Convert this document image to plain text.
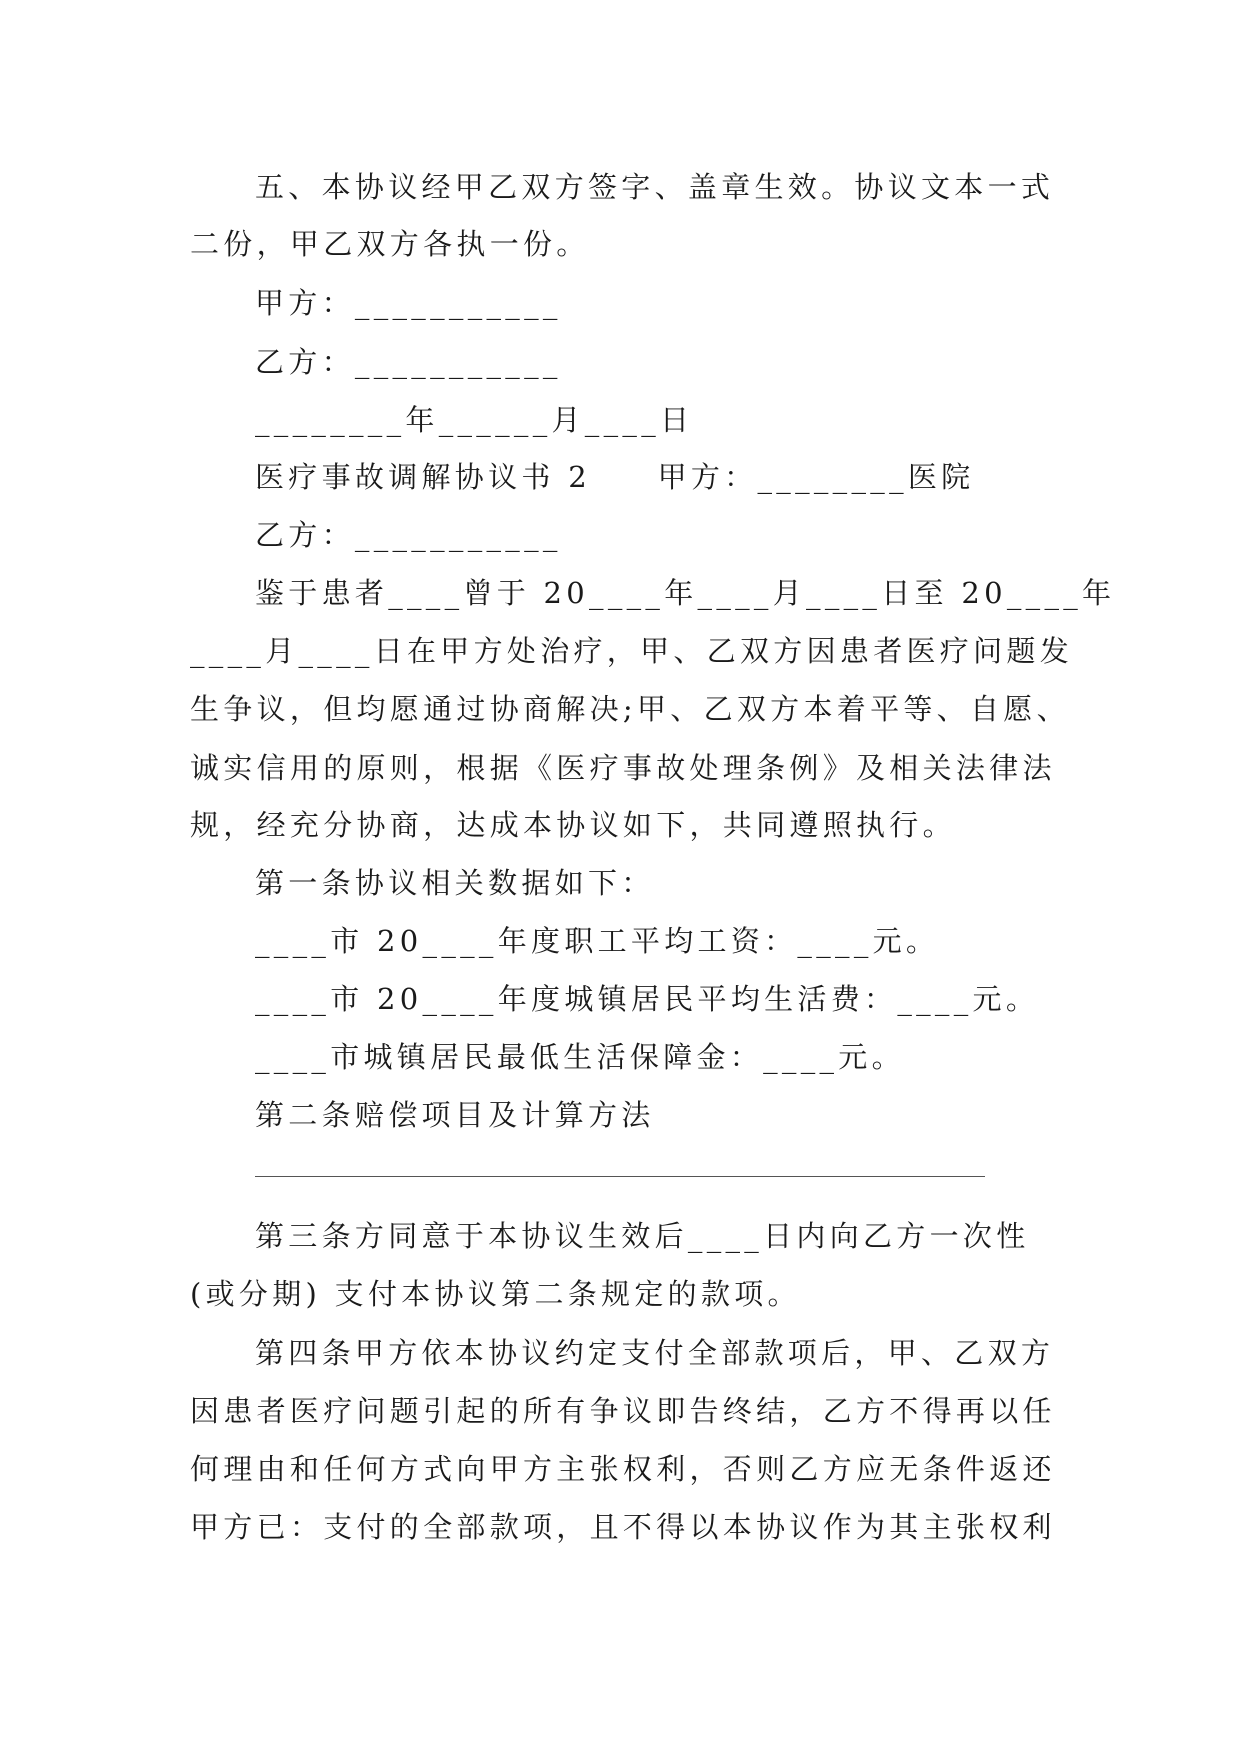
五、本协议经甲乙双方签字、盖章生效。协议文本一式
二份，甲乙双方各执一份。
甲方：___________
乙方：___________
________年______月____日
医疗事故调解协议书 2　　甲方：________医院
乙方：___________
鉴于患者____曾于 20____年____月____日至 20____年
____月____日在甲方处治疗，甲、乙双方因患者医疗问题发
生争议，但均愿通过协商解决;甲、乙双方本着平等、自愿、
诚实信用的原则，根据《医疗事故处理条例》及相关法律法
规，经充分协商，达成本协议如下，共同遵照执行。
第一条协议相关数据如下：
____市 20____年度职工平均工资：____元。
____市 20____年度城镇居民平均生活费：____元。
____市城镇居民最低生活保障金：____元。
第二条赔偿项目及计算方法
第三条方同意于本协议生效后____日内向乙方一次性
(或分期) 支付本协议第二条规定的款项。
第四条甲方依本协议约定支付全部款项后，甲、乙双方
因患者医疗问题引起的所有争议即告终结，乙方不得再以任
何理由和任何方式向甲方主张权利，否则乙方应无条件返还
甲方已：支付的全部款项，且不得以本协议作为其主张权利
